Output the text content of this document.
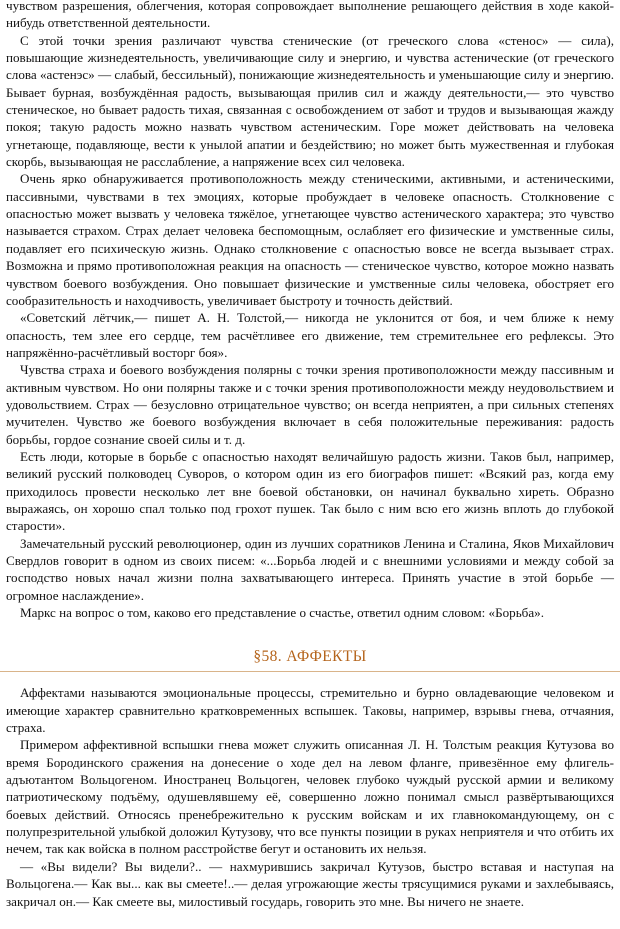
чувством разрешения, облегчения, которая сопровождает выполнение решающего действия в ходе какой-нибудь ответственной деятельности.

С этой точки зрения различают чувства стенические (от греческого слова «стенос» — сила), повышающие жизнедеятельность, увеличивающие силу и энергию, и чувства астенические (от греческого слова «астенэс» — слабый, бессильный), понижающие жизнедеятельность и уменьшающие силу и энергию. Бывает бурная, возбуждённая радость, вызывающая прилив сил и жажду деятельности,— это чувство стеническое, но бывает радость тихая, связанная с освобождением от забот и трудов и вызывающая жажду покоя; такую радость можно назвать чувством астеническим. Горе может действовать на человека угнетающе, подавляюще, вести к унылой апатии и бездействию; но может быть мужественная и глубокая скорбь, вызывающая не расслабление, а напряжение всех сил человека.

Очень ярко обнаруживается противоположность между стеническими, активными, и астеническими, пассивными, чувствами в тех эмоциях, которые пробуждает в человеке опасность. Столкновение с опасностью может вызвать у человека тяжёлое, угнетающее чувство астенического характера; это чувство называется страхом. Страх делает человека беспомощным, ослабляет его физические и умственные силы, подавляет его психическую жизнь. Однако столкновение с опасностью вовсе не всегда вызывает страх. Возможна и прямо противоположная реакция на опасность — стеническое чувство, которое можно назвать чувством боевого возбуждения. Оно повышает физические и умственные силы человека, обостряет его сообразительность и находчивость, увеличивает быстроту и точность действий.

«Советский лётчик,— пишет А. Н. Толстой,— никогда не уклонится от боя, и чем ближе к нему опасность, тем злее его сердце, тем расчётливее его движение, тем стремительнее его рефлексы. Это напряжённо-расчётливый восторг боя».

Чувства страха и боевого возбуждения полярны с точки зрения противоположности между пассивным и активным чувством. Но они полярны также и с точки зрения противоположности между неудовольствием и удовольствием. Страх — безусловно отрицательное чувство; он всегда неприятен, а при сильных степенях мучителен. Чувство же боевого возбуждения включает в себя положительные переживания: радость борьбы, гордое сознание своей силы и т. д.

Есть люди, которые в борьбе с опасностью находят величайшую радость жизни. Таков был, например, великий русский полководец Суворов, о котором один из его биографов пишет: «Всякий раз, когда ему приходилось провести несколько лет вне боевой обстановки, он начинал буквально хиреть. Образно выражаясь, он хорошо спал только под грохот пушек. Так было с ним всю его жизнь вплоть до глубокой старости».

Замечательный русский революционер, один из лучших соратников Ленина и Сталина, Яков Михайлович Свердлов говорит в одном из своих писем: «...Борьба людей и с внешними условиями и между собой за господство новых начал жизни полна захватывающего интереса. Принять участие в этой борьбе — огромное наслаждение».

Маркс на вопрос о том, каково его представление о счастье, ответил одним словом: «Борьба».

§58. АФФЕКТЫ

Аффектами называются эмоциональные процессы, стремительно и бурно овладевающие человеком и имеющие характер сравнительно кратковременных вспышек. Таковы, например, взрывы гнева, отчаяния, страха.

Примером аффективной вспышки гнева может служить описанная Л. Н. Толстым реакция Кутузова во время Бородинского сражения на донесение о ходе дел на левом фланге, привезённое ему флигель-адъютантом Вольцогеном. Иностранец Вольцоген, человек глубоко чуждый русской армии и великому патриотическому подъёму, одушевлявшему её, совершенно ложно понимал смысл развёртывающихся боевых действий. Относясь пренебрежительно к русским войскам и их главнокомандующему, он с полупрезрительной улыбкой доложил Кутузову, что все пункты позиции в руках неприятеля и что отбить их нечем, так как войска в полном расстройстве бегут и остановить их нельзя.

— «Вы видели? Вы видели?.. — нахмурившись закричал Кутузов, быстро вставая и наступая на Вольцогена.— Как вы... как вы смеете!..— делая угрожающие жесты трясущимися руками и захлебываясь, закричал он.— Как смеете вы, милостивый государь, говорить это мне. Вы ничего не знаете.
